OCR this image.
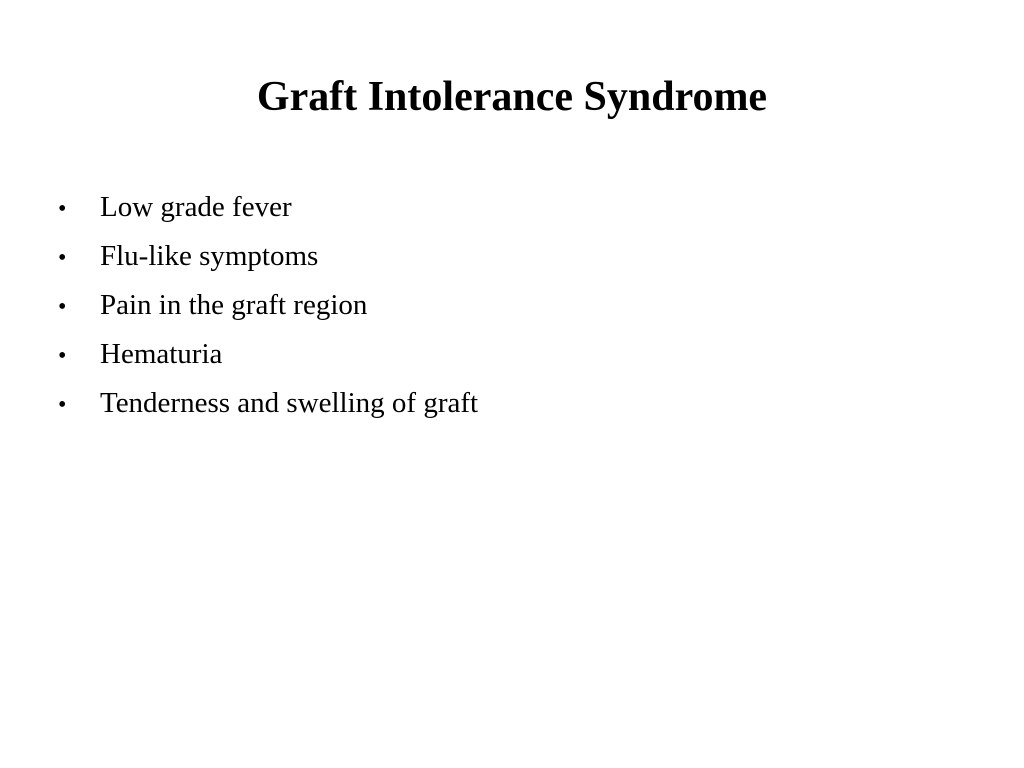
Graft Intolerance Syndrome
•	Low grade fever
•	Flu-like symptoms
•	Pain in the graft region
•	Hematuria
•	Tenderness and swelling of graft
